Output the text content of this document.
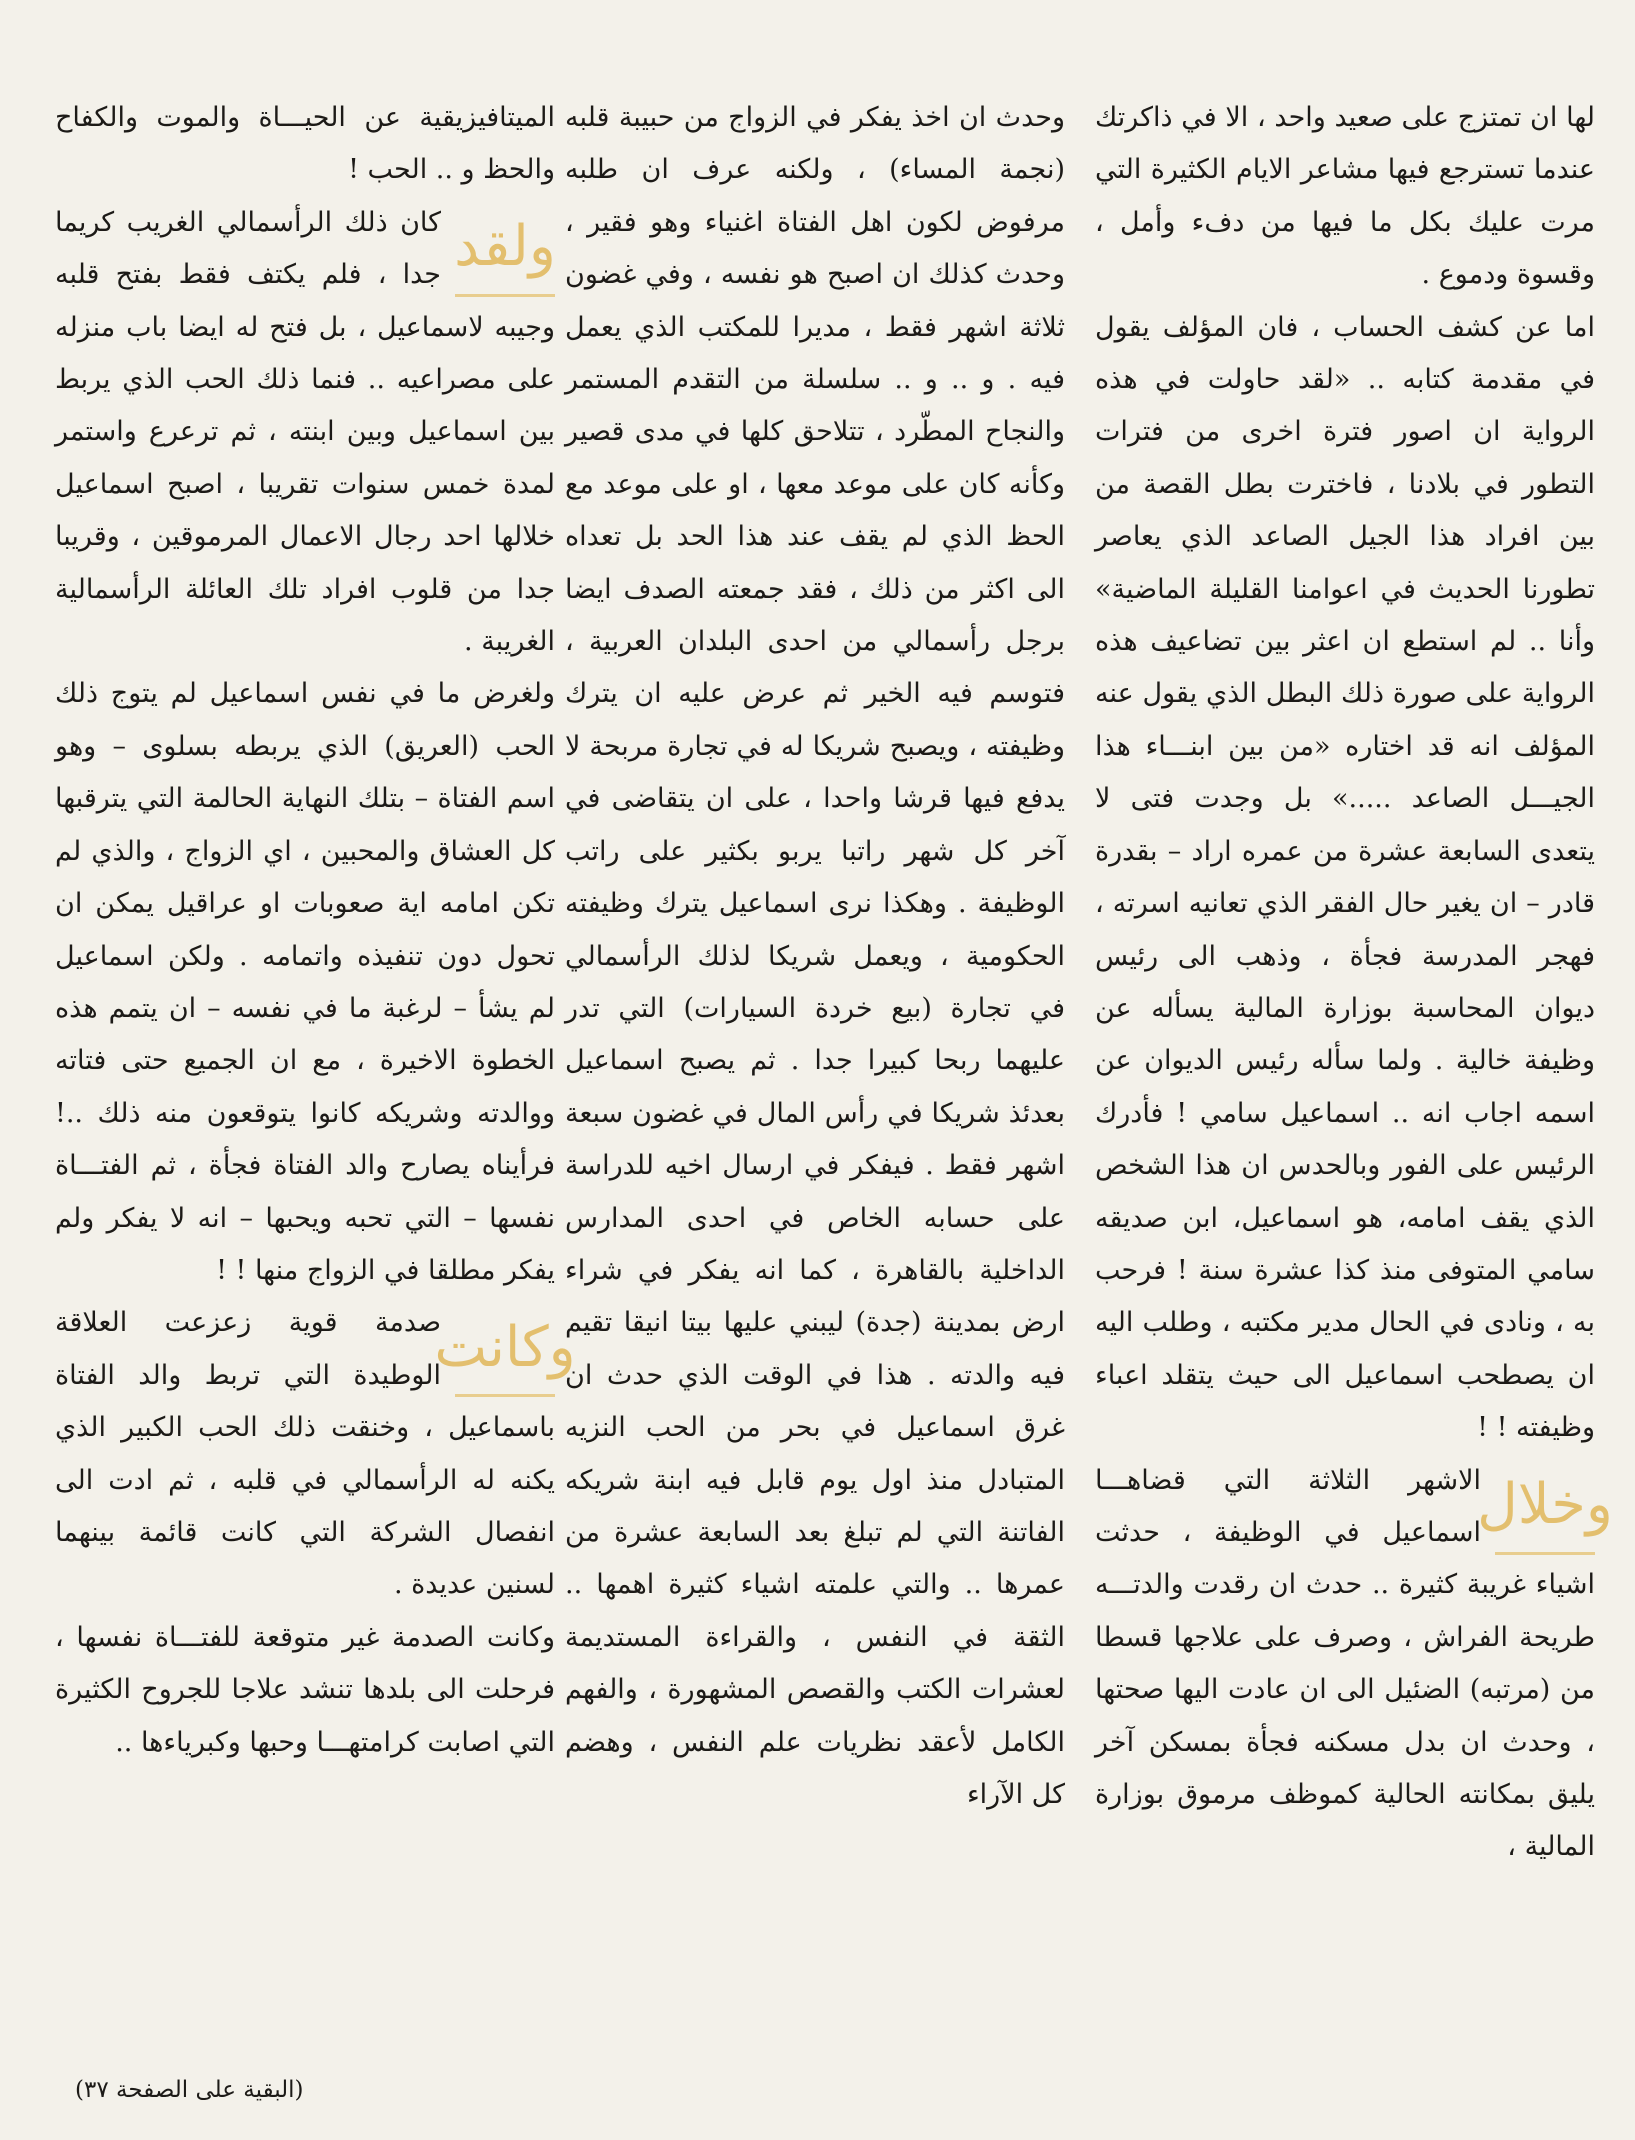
لها ان تمتزج على صعيد واحد ، الا في ذاكرتك عندما تسترجع فيها مشاعر الايام الكثيرة التي مرت عليك بكل ما فيها من دفء وأمل ، وقسوة ودموع .

اما عن كشف الحساب ، فان المؤلف يقول في مقدمة كتابه .. «لقد حاولت في هذه الرواية ان اصور فترة اخرى من فترات التطور في بلادنا ، فاخترت بطل القصة من بين افراد هذا الجيل الصاعد الذي يعاصر تطورنا الحديث في اعوامنا القليلة الماضية» وأنا .. لم استطع ان اعثر بين تضاعيف هذه الرواية على صورة ذلك البطل الذي يقول عنه المؤلف انه قد اختاره «من بين ابنـــاء هذا الجيـــل الصاعد .....» بل وجدت فتى لا يتعدى السابعة عشرة من عمره اراد – بقدرة قادر – ان يغير حال الفقر الذي تعانيه اسرته ، فهجر المدرسة فجأة ، وذهب الى رئيس ديوان المحاسبة بوزارة المالية يسأله عن وظيفة خالية . ولما سأله رئيس الديوان عن اسمه اجاب انه .. اسماعيل سامي ! فأدرك الرئيس على الفور وبالحدس ان هذا الشخص الذي يقف امامه، هو اسماعيل، ابن صديقه سامي المتوفى منذ كذا عشرة سنة ! فرحب به ، ونادى في الحال مدير مكتبه ، وطلب اليه ان يصطحب اسماعيل الى حيث يتقلد اعباء وظيفته ! !

وخلال

الاشهر الثلاثة التي قضاهـــا اسماعيل في الوظيفة ، حدثت اشياء غريبة كثيرة .. حدث ان رقدت والدتـــه طريحة الفراش ، وصرف على علاجها قسطا من (مرتبه) الضئيل الى ان عادت اليها صحتها ، وحدث ان بدل مسكنه فجأة بمسكن آخر يليق بمكانته الحالية كموظف مرموق بوزارة المالية ،

وحدث ان اخذ يفكر في الزواج من حبيبة قلبه (نجمة المساء) ، ولكنه عرف ان طلبه مرفوض لكون اهل الفتاة اغنياء وهو فقير ، وحدث كذلك ان اصبح هو نفسه ، وفي غضون ثلاثة اشهر فقط ، مديرا للمكتب الذي يعمل فيه . و .. و .. سلسلة من التقدم المستمر والنجاح المطّرد ، تتلاحق كلها في مدى قصير وكأنه كان على موعد معها ، او على موعد مع الحظ الذي لم يقف عند هذا الحد بل تعداه الى اكثر من ذلك ، فقد جمعته الصدف ايضا برجل رأسمالي من احدى البلدان العربية ، فتوسم فيه الخير ثم عرض عليه ان يترك وظيفته ، ويصبح شريكا له في تجارة مربحة لا يدفع فيها قرشا واحدا ، على ان يتقاضى في آخر كل شهر راتبا يربو بكثير على راتب الوظيفة . وهكذا نرى اسماعيل يترك وظيفته الحكومية ، ويعمل شريكا لذلك الرأسمالي في تجارة (بيع خردة السيارات) التي تدر عليهما ربحا كبيرا جدا . ثم يصبح اسماعيل بعدئذ شريكا في رأس المال في غضون سبعة اشهر فقط . فيفكر في ارسال اخيه للدراسة على حسابه الخاص في احدى المدارس الداخلية بالقاهرة ، كما انه يفكر في شراء ارض بمدينة (جدة) ليبني عليها بيتا انيقا تقيم فيه والدته . هذا في الوقت الذي حدث ان غرق اسماعيل في بحر من الحب النزيه المتبادل منذ اول يوم قابل فيه ابنة شريكه الفاتنة التي لم تبلغ بعد السابعة عشرة من عمرها .. والتي علمته اشياء كثيرة اهمها .. الثقة في النفس ، والقراءة المستديمة لعشرات الكتب والقصص المشهورة ، والفهم الكامل لأعقد نظريات علم النفس ، وهضم كل الآراء

الميتافيزيقية عن الحيـــاة والموت والكفاح والحظ و .. الحب !

ولقد

كان ذلك الرأسمالي الغريب كريما جدا ، فلم يكتف فقط بفتح قلبه وجيبه لاسماعيل ، بل فتح له ايضا باب منزله على مصراعيه .. فنما ذلك الحب الذي يربط بين اسماعيل وبين ابنته ، ثم ترعرع واستمر لمدة خمس سنوات تقريبا ، اصبح اسماعيل خلالها احد رجال الاعمال المرموقين ، وقريبا جدا من قلوب افراد تلك العائلة الرأسمالية الغريبة .

ولغرض ما في نفس اسماعيل لم يتوج ذلك الحب (العريق) الذي يربطه بسلوى – وهو اسم الفتاة – بتلك النهاية الحالمة التي يترقبها كل العشاق والمحبين ، اي الزواج ، والذي لم تكن امامه اية صعوبات او عراقيل يمكن ان تحول دون تنفيذه واتمامه . ولكن اسماعيل لم يشأ – لرغبة ما في نفسه – ان يتمم هذه الخطوة الاخيرة ، مع ان الجميع حتى فتاته ووالدته وشريكه كانوا يتوقعون منه ذلك ..! فرأيناه يصارح والد الفتاة فجأة ، ثم الفتـــاة نفسها – التي تحبه ويحبها – انه لا يفكر ولم يفكر مطلقا في الزواج منها ! !

وكانت

صدمة قوية زعزعت العلاقة الوطيدة التي تربط والد الفتاة باسماعيل ، وخنقت ذلك الحب الكبير الذي يكنه له الرأسمالي في قلبه ، ثم ادت الى انفصال الشركة التي كانت قائمة بينهما لسنين عديدة .

وكانت الصدمة غير متوقعة للفتـــاة نفسها ، فرحلت الى بلدها تنشد علاجا للجروح الكثيرة التي اصابت كرامتهـــا وحبها وكبرياءها ..

(البقية على الصفحة ٣٧)
